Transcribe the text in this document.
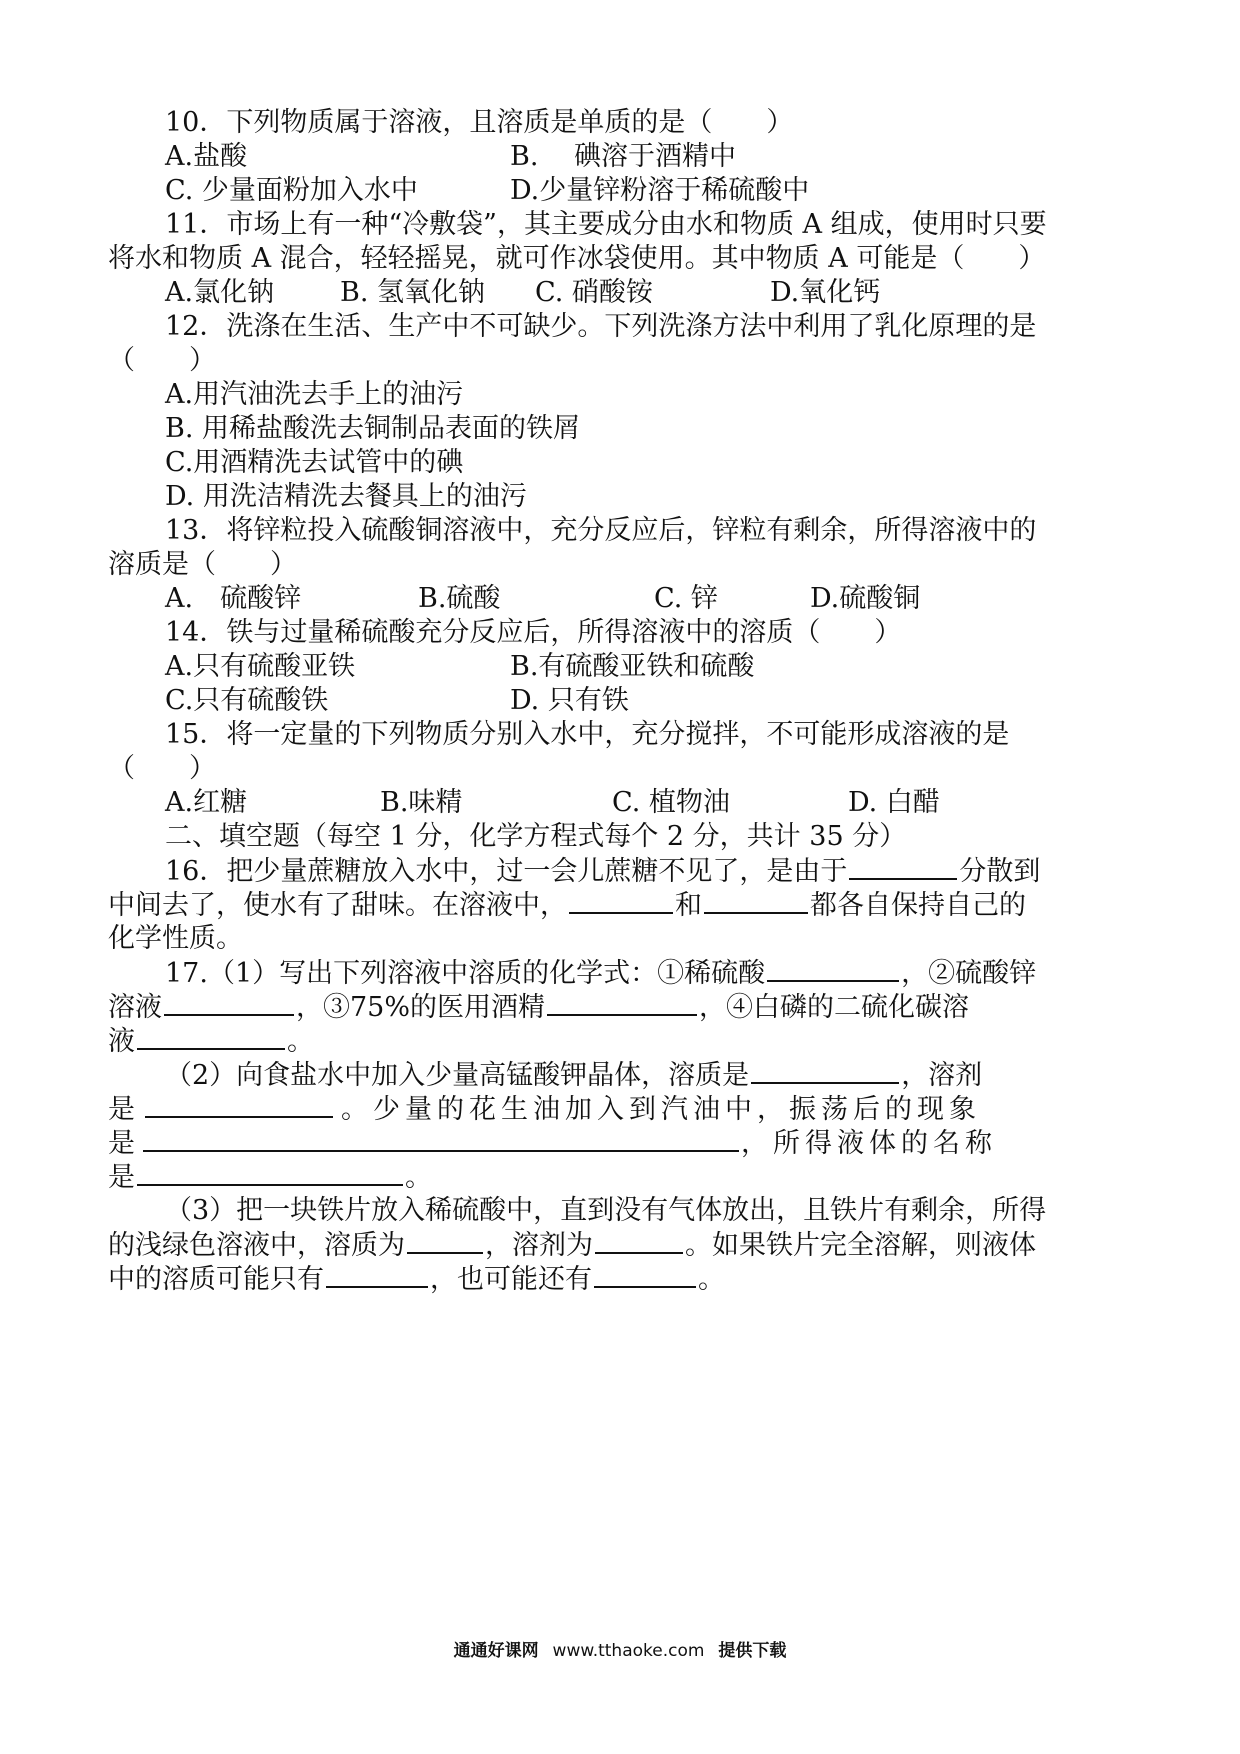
10．下列物质属于溶液，且溶质是单质的是（　　）
A.盐酸	B.　 碘溶于酒精中
C. 少量面粉加入水中	D.少量锌粉溶于稀硫酸中
11．市场上有一种“冷敷袋”，其主要成分由水和物质 A 组成，使用时只要
将水和物质 A 混合，轻轻摇晃，就可作冰袋使用。其中物质 A 可能是（　　）
A.氯化钠 B. 氢氧化钠 C. 硝酸铵	D.氧化钙
12．洗涤在生活、生产中不可缺少。下列洗涤方法中利用了乳化原理的是
（　　）
A.用汽油洗去手上的油污
B. 用稀盐酸洗去铜制品表面的铁屑
C.用酒精洗去试管中的碘
D. 用洗洁精洗去餐具上的油污
13．将锌粒投入硫酸铜溶液中，充分反应后，锌粒有剩余，所得溶液中的
溶质是（　　）
A.　硫酸锌	B.硫酸	C. 锌	D.硫酸铜
14．铁与过量稀硫酸充分反应后，所得溶液中的溶质（　　）
A.只有硫酸亚铁	B.有硫酸亚铁和硫酸
C.只有硫酸铁	D. 只有铁
15．将一定量的下列物质分别入水中，充分搅拌，不可能形成溶液的是
（　　）
A.红糖	B.味精	C. 植物油	D. 白醋
二、填空题（每空 1 分，化学方程式每个 2 分，共计 35 分）
16．把少量蔗糖放入水中，过一会儿蔗糖不见了，是由于	分散到
中间去了，使水有了甜味。在溶液中，	和	都各自保持自己的
化学性质。
17.（1）写出下列溶液中溶质的化学式：①稀硫酸	，②硫酸锌
溶液	，③75%的医用酒精	，④白磷的二硫化碳溶
液	。
（2）向食盐水中加入少量高锰酸钾晶体，溶质是	，溶剂
是	。少量的花生油加入到汽油中，振荡后的现象
是	，所得液体的名称
是	。
（3）把一块铁片放入稀硫酸中，直到没有气体放出，且铁片有剩余，所得
的浅绿色溶液中，溶质为	，溶剂为	。如果铁片完全溶解，则液体
中的溶质可能只有	，也可能还有	。
通通好课网 www.tthaoke.com 提供下载
